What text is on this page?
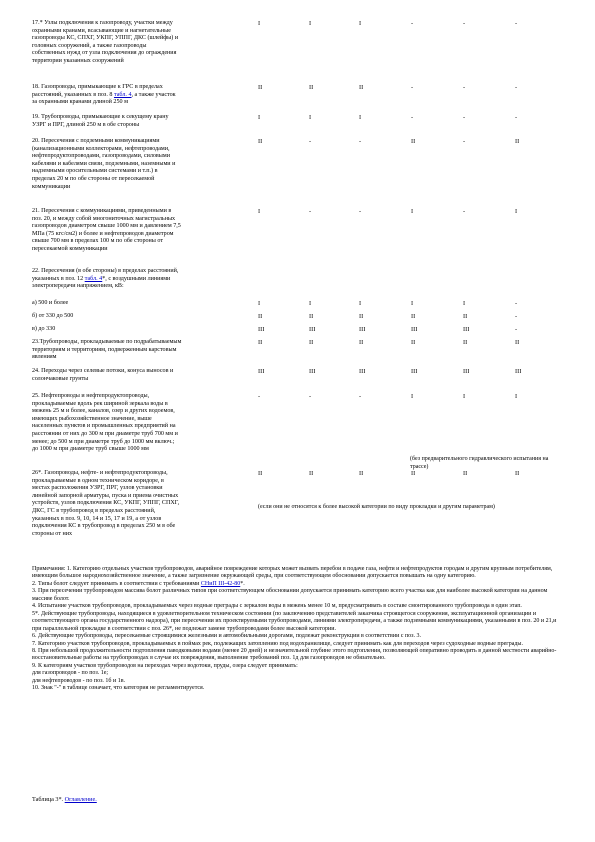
17.* Узлы подключения к газопроводу, участки между
охранными кранами, всасывающие и нагнетательные
газопроводы КС, СПХГ, УКПГ, УППГ, ДКС (шлейфы) и
головных сооружений, а также газопроводы
собственных нужд от узла подключения до ограждения
территории указанных сооружений
I	I	I	-	-	-
18. Газопроводы, примыкающие к ГРС в пределах
расстояний, указанных в поз. 8 табл. 4, а также участок
за охранными кранами длиной 250 м
II	II	II	-	-	-
19. Трубопроводы, примыкающие к секущему крану
УЗРГ и ПРГ, длиной 250 м в обе стороны
I	I	I	-	-	-
20. Пересечения с подземными коммуникациями
(канализационными коллекторами, нефтепроводами,
нефтепродуктопроводами, газопроводами, силовыми
кабелями и кабелями связи, подземными, наземными и
надземными оросительными системами и т.п.) в
пределах 20 м по обе стороны от пересекаемой
коммуникации
II	-	-	II	-	II
21. Пересечения с коммуникациями, приведенными в
поз. 20, и между собой многониточных магистральных
газопроводов диаметром свыше 1000 мм и давлением 7,5
МПа (75 кгс/см2) и более и нефтепроводов диаметром
свыше 700 мм в пределах 100 м по обе стороны от
пересекаемой коммуникации
I	-	-	I	-	I
22. Пересечения (в обе стороны) в пределах расстояний,
указанных в поз. 12 табл. 4*, с воздушными линиями
электропередачи напряжением, кВ:
а) 500 и более	I	I	I	I	I	-
б) от 330 до 500	II	II	II	II	II	-
в) до 330	III	III	III	III	III	-
23.Трубопроводы, прокладываемые по подрабатываемым
территориям и территориям, подверженным карстовым
явлениям
II	II	II	II	II	II
24. Переходы через селевые потоки, конуса выносов и
солончаковые грунты
III	III	III	III	III	III
25. Нефтепроводы и нефтепродуктопроводы,
прокладываемые вдоль рек шириной зеркала воды в
межень 25 м и более, каналов, озер и других водоемов,
имеющих рыбохозяйственное значение, выше
населенных пунктов и промышленных предприятий на
расстоянии от них до 300 м при диаметре труб 700 мм и
менее; до 500 м при диаметре труб до 1000 мм включ.;
до 1000 м при диаметре труб свыше 1000 мм
-	-	-	I	I	I
26*. Газопроводы, нефте- и нефтепродуктопроводы,
прокладываемые в одном техническом коридоре, в
местах расположения УЗРГ, ПРГ, узлов установки
линейной запорной арматуры, пуска и приема очистных
устройств, узлов подключения КС, УКПГ, УППГ, СПХГ,
ДКС, ГС в трубопровод в пределах расстояний,
указанных в поз. 9, 10, 14 и 15, 17 и 19, а от узлов
подключения КС в трубопровод в пределах 250 м в обе
стороны от них
II	II	II	II	II	II
(без предварительного гидравлического испытания на трассе)
(если они не относятся к более высокой категории по виду прокладки и другим параметрам)

Примечания: 1. Категорию отдельных участков трубопроводов, аварийное повреждение которых может вызвать перебои в подаче газа, нефти и нефтепродуктов городам и другим крупным потребителям, имеющим большое народнохозяйственное значение, а также загрязнение окружающей среды, при соответствующем обосновании допускается повышать на одну категорию.

2. Типы болот следует принимать в соответствии с требованиями СНиП III-42-80*.

3. При пересечении трубопроводом массива болот различных типов при соответствующем обосновании допускается принимать категорию всего участка как для наиболее высокой категории на данном массиве болот.

4. Испытание участков трубопроводов, прокладываемых через водные преграды с зеркалом воды в межень менее 10 м, предусматривать в составе смонтированного трубопровода в один этап.

5*. Действующие трубопроводы, находящиеся в удовлетворительном техническом состоянии (по заключению представителей заказчика строящегося сооружения, эксплуатационной организации и соответствующего органа государственного надзора), при пересечении их проектируемыми трубопроводами, линиями электропередачи, а также подземными коммуникациями, указанными в поз. 20 и 21,и при параллельной прокладке в соответствии с поз. 26*, не подлежат замене трубопроводами более высокой категории.

6. Действующие трубопроводы, пересекаемые строящимися железными и автомобильными дорогами, подлежат реконструкции в соответствии с поз. 3.

7. Категорию участков трубопроводов, прокладываемых в поймах рек, подлежащих затоплению под водохранилище, следует принимать как для переходов через судоходные водные преграды.

8. При небольшой продолжительности подтопления паводковыми водами (менее 20 дней) и незначительной глубине этого подтопления, позволяющей оперативно проводить в данной местности аварийно-восстановительные работы на трубопроводах в случае их повреждения, выполнение требований поз. 1д для газопроводов не обязательно.

9. К категориям участков трубопроводов на переходах через водотоки, пруды, озера следует принимать:

для газопроводов - по поз. 1е;

для нефтепроводов - по поз. 1б и 1в.

10. Знак "-" в таблице означает, что категория не регламентируется.

Таблица 3*. Оглавление.
